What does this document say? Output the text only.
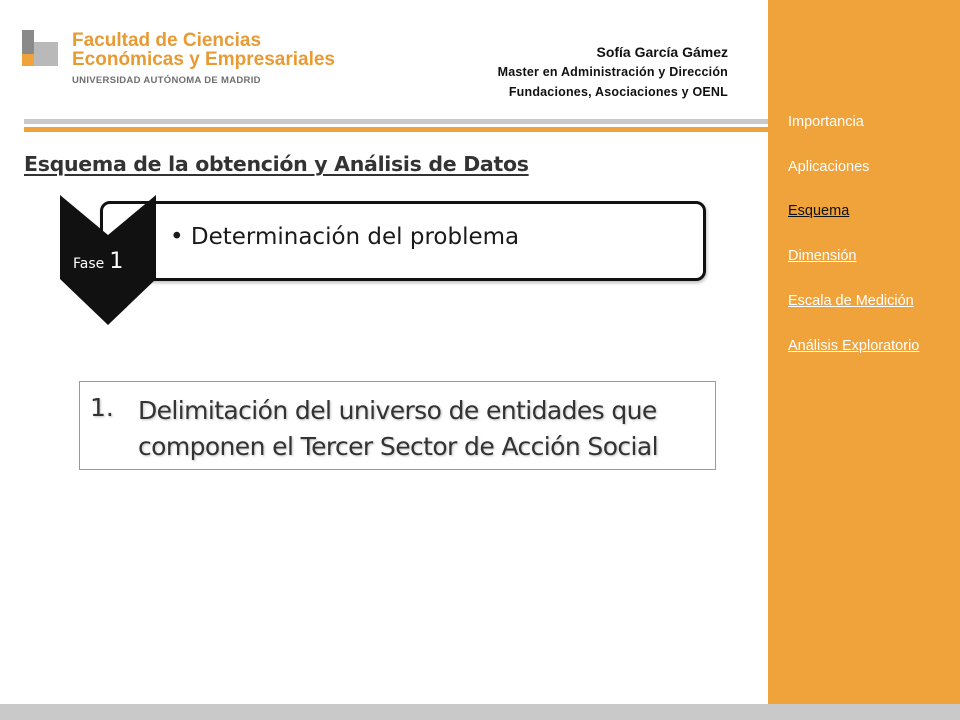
Facultad de Ciencias
Económicas y Empresariales
UNIVERSIDAD AUTÓNOMA DE MADRID
Sofía García Gámez
Master en Administración y Dirección
Fundaciones, Asociaciones y OENL
Esquema de la obtención y Análisis de Datos
• Determinación del problema
Fase 1
1. Delimitación del universo de entidades que componen el Tercer Sector de Acción Social
Importancia
Aplicaciones
Esquema
Dimensión
Escala de Medición
Análisis Exploratorio
